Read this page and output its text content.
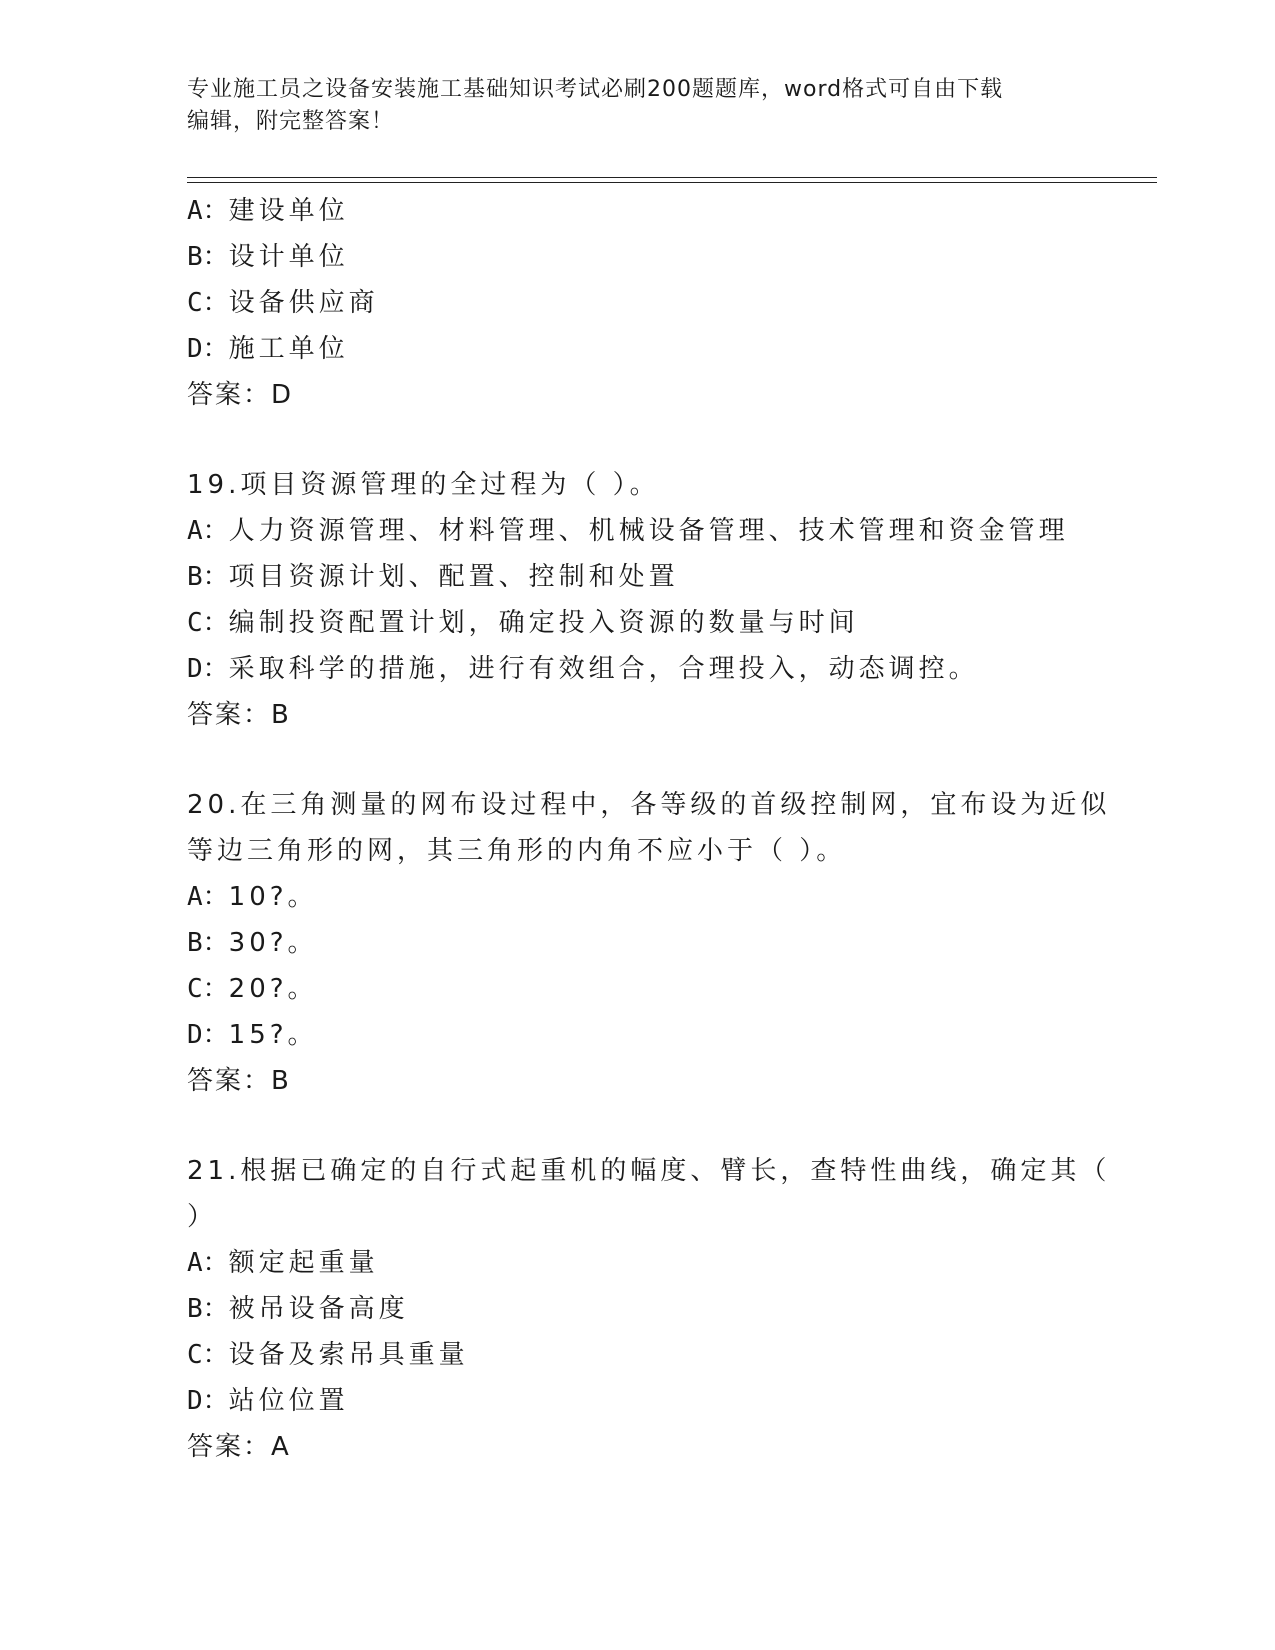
专业施工员之设备安装施工基础知识考试必刷200题题库，word格式可自由下载
编辑，附完整答案！
A：建设单位
B：设计单位
C：设备供应商
D：施工单位
答案：D
19.项目资源管理的全过程为（ ）。
A：人力资源管理、材料管理、机械设备管理、技术管理和资金管理
B：项目资源计划、配置、控制和处置
C：编制投资配置计划，确定投入资源的数量与时间
D：采取科学的措施，进行有效组合，合理投入，动态调控。
答案：B
20.在三角测量的网布设过程中，各等级的首级控制网，宜布设为近似
等边三角形的网，其三角形的内角不应小于（ ）。
A：10?。
B：30?。
C：20?。
D：15?。
答案：B
21.根据已确定的自行式起重机的幅度、臂长，查特性曲线，确定其（
）
A：额定起重量
B：被吊设备高度
C：设备及索吊具重量
D：站位位置
答案：A
